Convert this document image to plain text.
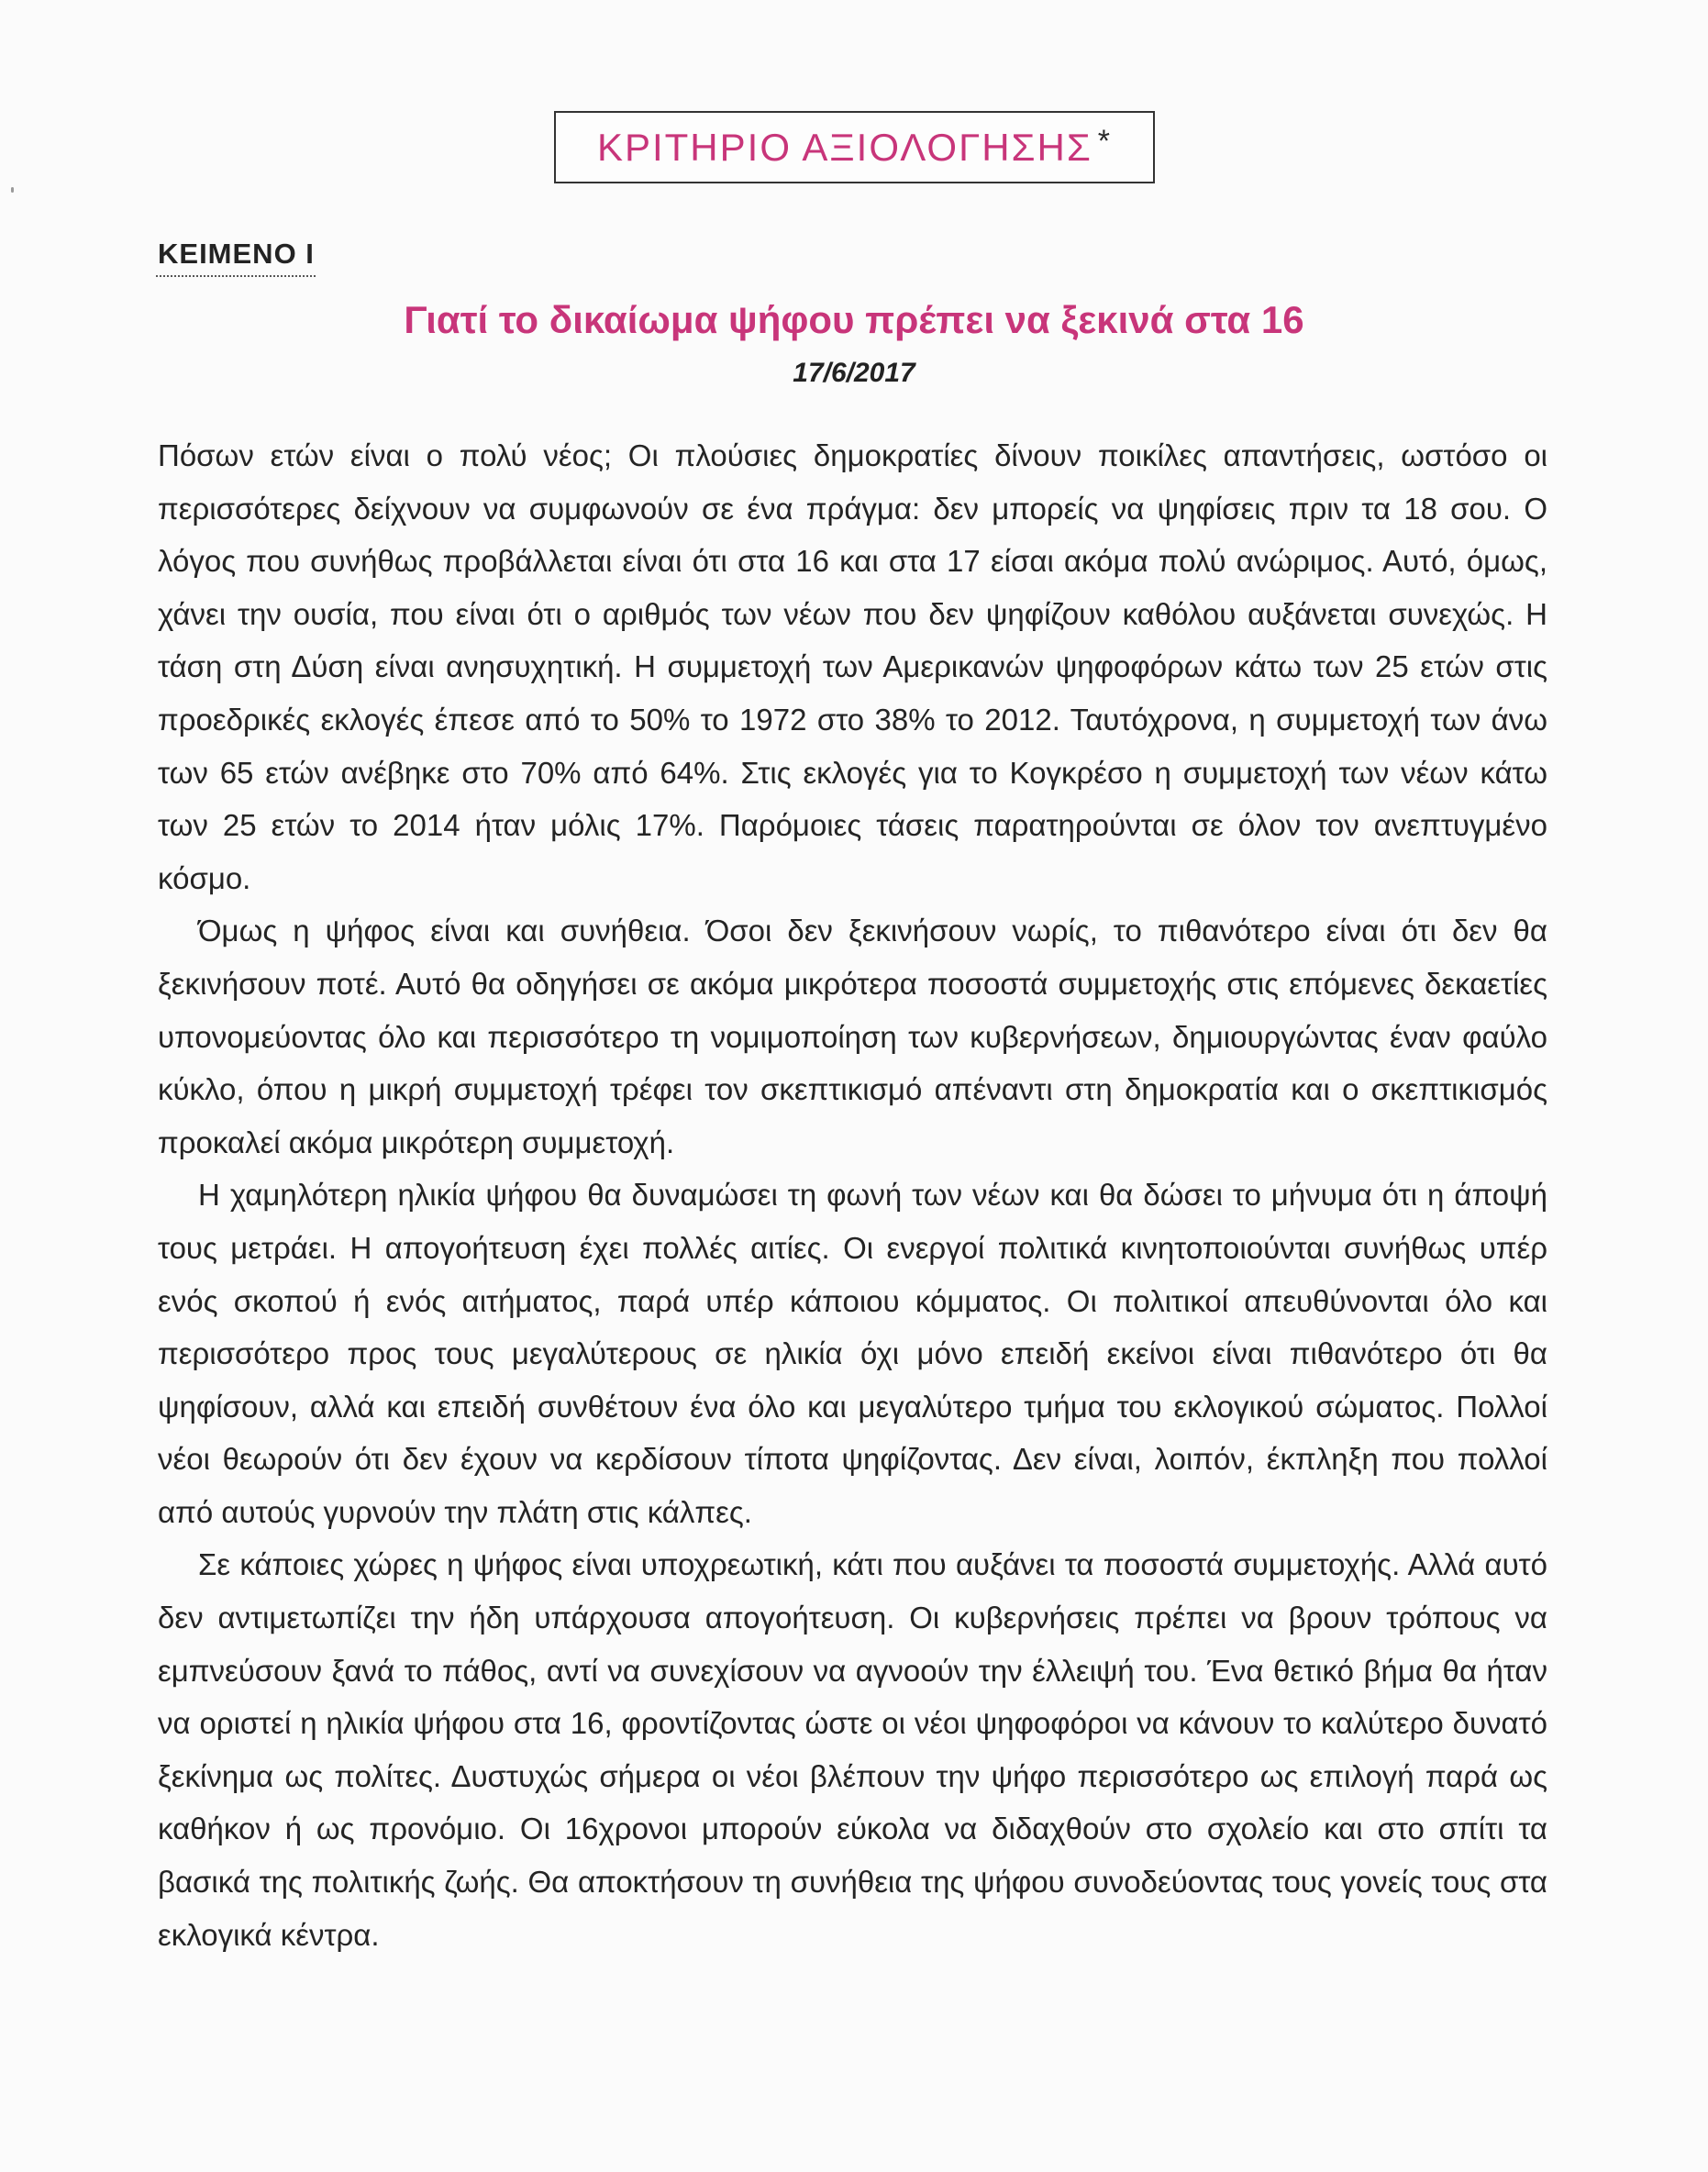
ΚΡΙΤΗΡΙΟ ΑΞΙΟΛΟΓΗΣΗΣ *
ΚΕΙΜΕΝΟ Ι
Γιατί το δικαίωμα ψήφου πρέπει να ξεκινά στα 16
17/6/2017

Πόσων ετών είναι ο πολύ νέος; Οι πλούσιες δημοκρατίες δίνουν ποικίλες απαντήσεις, ωστόσο οι περισσότερες δείχνουν να συμφωνούν σε ένα πράγμα: δεν μπορείς να ψηφίσεις πριν τα 18 σου. Ο λόγος που συνήθως προβάλλεται είναι ότι στα 16 και στα 17 είσαι ακόμα πολύ ανώριμος. Αυτό, όμως, χάνει την ουσία, που είναι ότι ο αριθμός των νέων που δεν ψηφίζουν καθόλου αυξάνεται συνεχώς. Η τάση στη Δύση είναι ανησυχητική. Η συμμετοχή των Αμερικανών ψηφοφόρων κάτω των 25 ετών στις προεδρικές εκλογές έπεσε από το 50% το 1972 στο 38% το 2012. Ταυτόχρονα, η συμμετοχή των άνω των 65 ετών ανέβηκε στο 70% από 64%. Στις εκλογές για το Κογκρέσο η συμμετοχή των νέων κάτω των 25 ετών το 2014 ήταν μόλις 17%. Παρόμοιες τάσεις παρατηρούνται σε όλον τον ανεπτυγμένο κόσμο.

Όμως η ψήφος είναι και συνήθεια. Όσοι δεν ξεκινήσουν νωρίς, το πιθανότερο είναι ότι δεν θα ξεκινήσουν ποτέ. Αυτό θα οδηγήσει σε ακόμα μικρότερα ποσοστά συμμετοχής στις επόμενες δεκαετίες υπονομεύοντας όλο και περισσότερο τη νομιμοποίηση των κυβερνήσεων, δημιουργώντας έναν φαύλο κύκλο, όπου η μικρή συμμετοχή τρέφει τον σκεπτικισμό απέναντι στη δημοκρατία και ο σκεπτικισμός προκαλεί ακόμα μικρότερη συμμετοχή.

Η χαμηλότερη ηλικία ψήφου θα δυναμώσει τη φωνή των νέων και θα δώσει το μήνυμα ότι η άποψή τους μετράει. Η απογοήτευση έχει πολλές αιτίες. Οι ενεργοί πολιτικά κινητοποιούνται συνήθως υπέρ ενός σκοπού ή ενός αιτήματος, παρά υπέρ κάποιου κόμματος. Οι πολιτικοί απευθύνονται όλο και περισσότερο προς τους μεγαλύτερους σε ηλικία όχι μόνο επειδή εκείνοι είναι πιθανότερο ότι θα ψηφίσουν, αλλά και επειδή συνθέτουν ένα όλο και μεγαλύτερο τμήμα του εκλογικού σώματος. Πολλοί νέοι θεωρούν ότι δεν έχουν να κερδίσουν τίποτα ψηφίζοντας. Δεν είναι, λοιπόν, έκπληξη που πολλοί από αυτούς γυρνούν την πλάτη στις κάλπες.

Σε κάποιες χώρες η ψήφος είναι υποχρεωτική, κάτι που αυξάνει τα ποσοστά συμμετοχής. Αλλά αυτό δεν αντιμετωπίζει την ήδη υπάρχουσα απογοήτευση. Οι κυβερνήσεις πρέπει να βρουν τρόπους να εμπνεύσουν ξανά το πάθος, αντί να συνεχίσουν να αγνοούν την έλλειψή του. Ένα θετικό βήμα θα ήταν να οριστεί η ηλικία ψήφου στα 16, φροντίζοντας ώστε οι νέοι ψηφοφόροι να κάνουν το καλύτερο δυνατό ξεκίνημα ως πολίτες. Δυστυχώς σήμερα οι νέοι βλέπουν την ψήφο περισσότερο ως επιλογή παρά ως καθήκον ή ως προνόμιο. Οι 16χρονοι μπορούν εύκολα να διδαχθούν στο σχολείο και στο σπίτι τα βασικά της πολιτικής ζωής. Θα αποκτήσουν τη συνήθεια της ψήφου συνοδεύοντας τους γονείς τους στα εκλογικά κέντρα.
